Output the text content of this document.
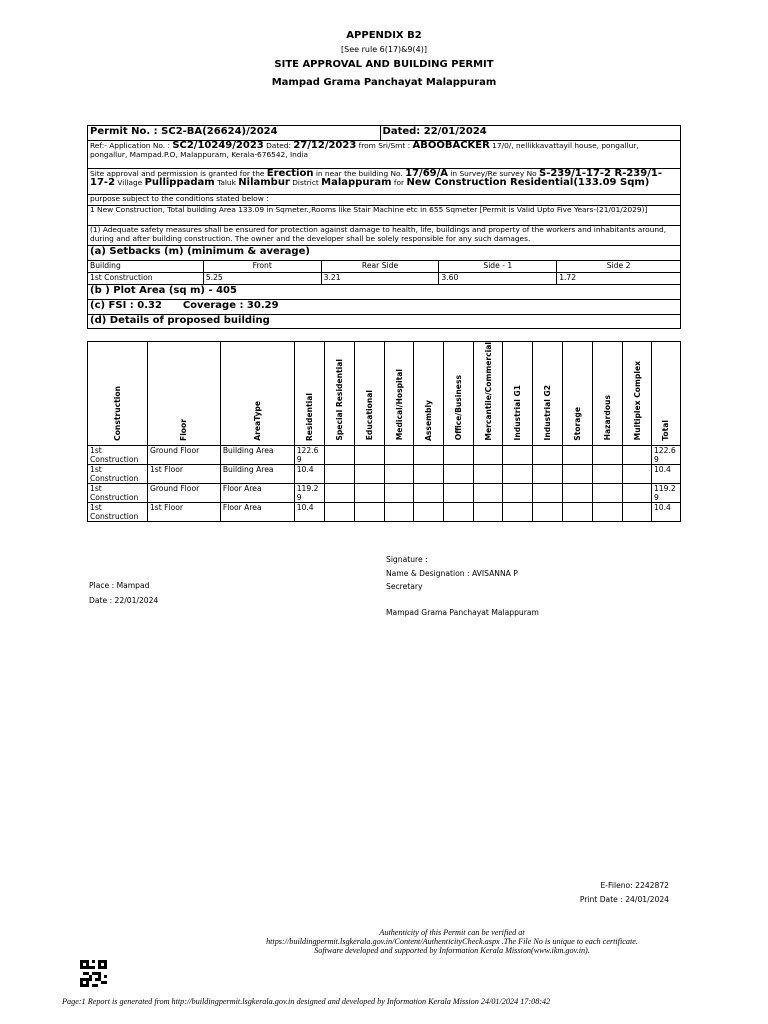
APPENDIX B2
[See rule 6(17)&9(4)]
SITE APPROVAL AND BUILDING PERMIT
Mampad Grama Panchayat Malappuram
Permit No. : SC2-BA(26624)/2024			Dated: 22/01/2024		
Ref:- Application No. : SC2/10249/2023 Dated: 27/12/2023 from Sri/Smt : ABOOBACKER 17/0/, nellikkavattayil house, pongallur, pongallur, Mampad.P.O, Malappuram, Kerala-676542, India					
Site approval and permission is granted for the Erection in near the building No. 17/69/A in Survey/Re survey No S-239/1-17-2 R-239/1-17-2 Village Pullippadam Taluk Nilambur District Malappuram for New Construction Residential(133.09 Sqm)					
purpose subject to the conditions stated below :					
1 New Construction, Total building Area 133.09 in Sqmeter.,Rooms like Stair Machine etc in 655 Sqmeter [Permit is Valid Upto Five Years-(21/01/2029)]					
(1) Adequate safety measures shall be ensured for protection against damage to health, life, buildings and property of the workers and inhabitants around, during and after building construction. The owner and the developer shall be solely responsible for any such damages.					
(a) Setbacks (m) (minimum & average)					
Building	Front	Rear Side		Side - 1	Side 2
1st Construction	5.25	3.21		3.60	1.72
(b ) Plot Area (sq m) - 405					
(c) FSI : 0.32 Coverage : 30.29					
(d) Details of proposed building					
Construction	Floor	AreaType	Residential	Special Residential	Educational	Medical/Hospital	Assembly	Office/Business	Mercantile/Commercial	Industrial G1	Industrial G2	Storage	Hazardous	Multiplex Complex	Total

1st Construction	Ground Floor	Building Area	122.69												122.69
1st Construction	1st Floor	Building Area	10.4												10.4
1st Construction	Ground Floor	Floor Area	119.29												119.29
1st Construction	1st Floor	Floor Area	10.4												10.4
Signature :
Name & Designation : AVISANNA P
Secretary
Mampad Grama Panchayat Malappuram
Place : Mampad
Date : 22/01/2024
E-Fileno: 2242872
Print Date : 24/01/2024
Authenticity of this Permit can be verified at https://buildingpermit.lsgkerala.gov.in/Content/AuthenticityCheck.aspx .The File No is unique to each certificate. Software developed and supported by Information Kerala Mission(www.ikm.gov.in).
Page:1 Report is generated from http://buildingpermit.lsgkerala.gov.in designed and developed by Information Kerala Mission 24/01/2024 17:08:42
